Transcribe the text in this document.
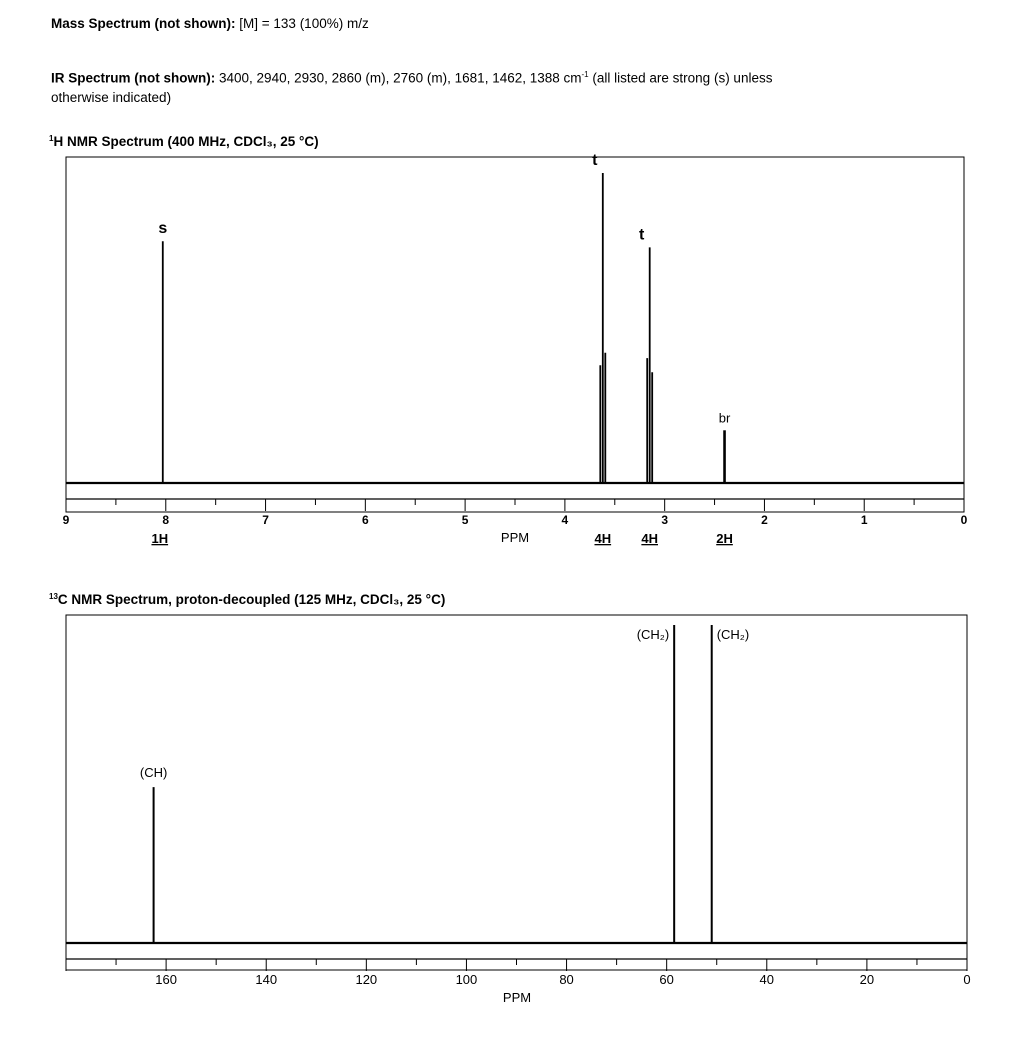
Mass Spectrum (not shown): [M] = 133 (100%) m/z
IR Spectrum (not shown): 3400, 2940, 2930, 2860 (m), 2760 (m), 1681, 1462, 1388 $cm^{-1}$ (all listed are strong (s) unless
otherwise indicated)
$^1$H NMR Spectrum (400 MHz, CDCl₃, 25 °C)
$^{13}$C NMR Spectrum, proton-decoupled (125 MHz, CDCl₃, 25 °C)
s
1H
t
4H
t
4H
br
2H
9	8	7	6	5	4	3	2	1	0
PPM
(CH)
(CH₂)	(CH₂)
160	140	120	100	80	60	40	20	0
PPM
